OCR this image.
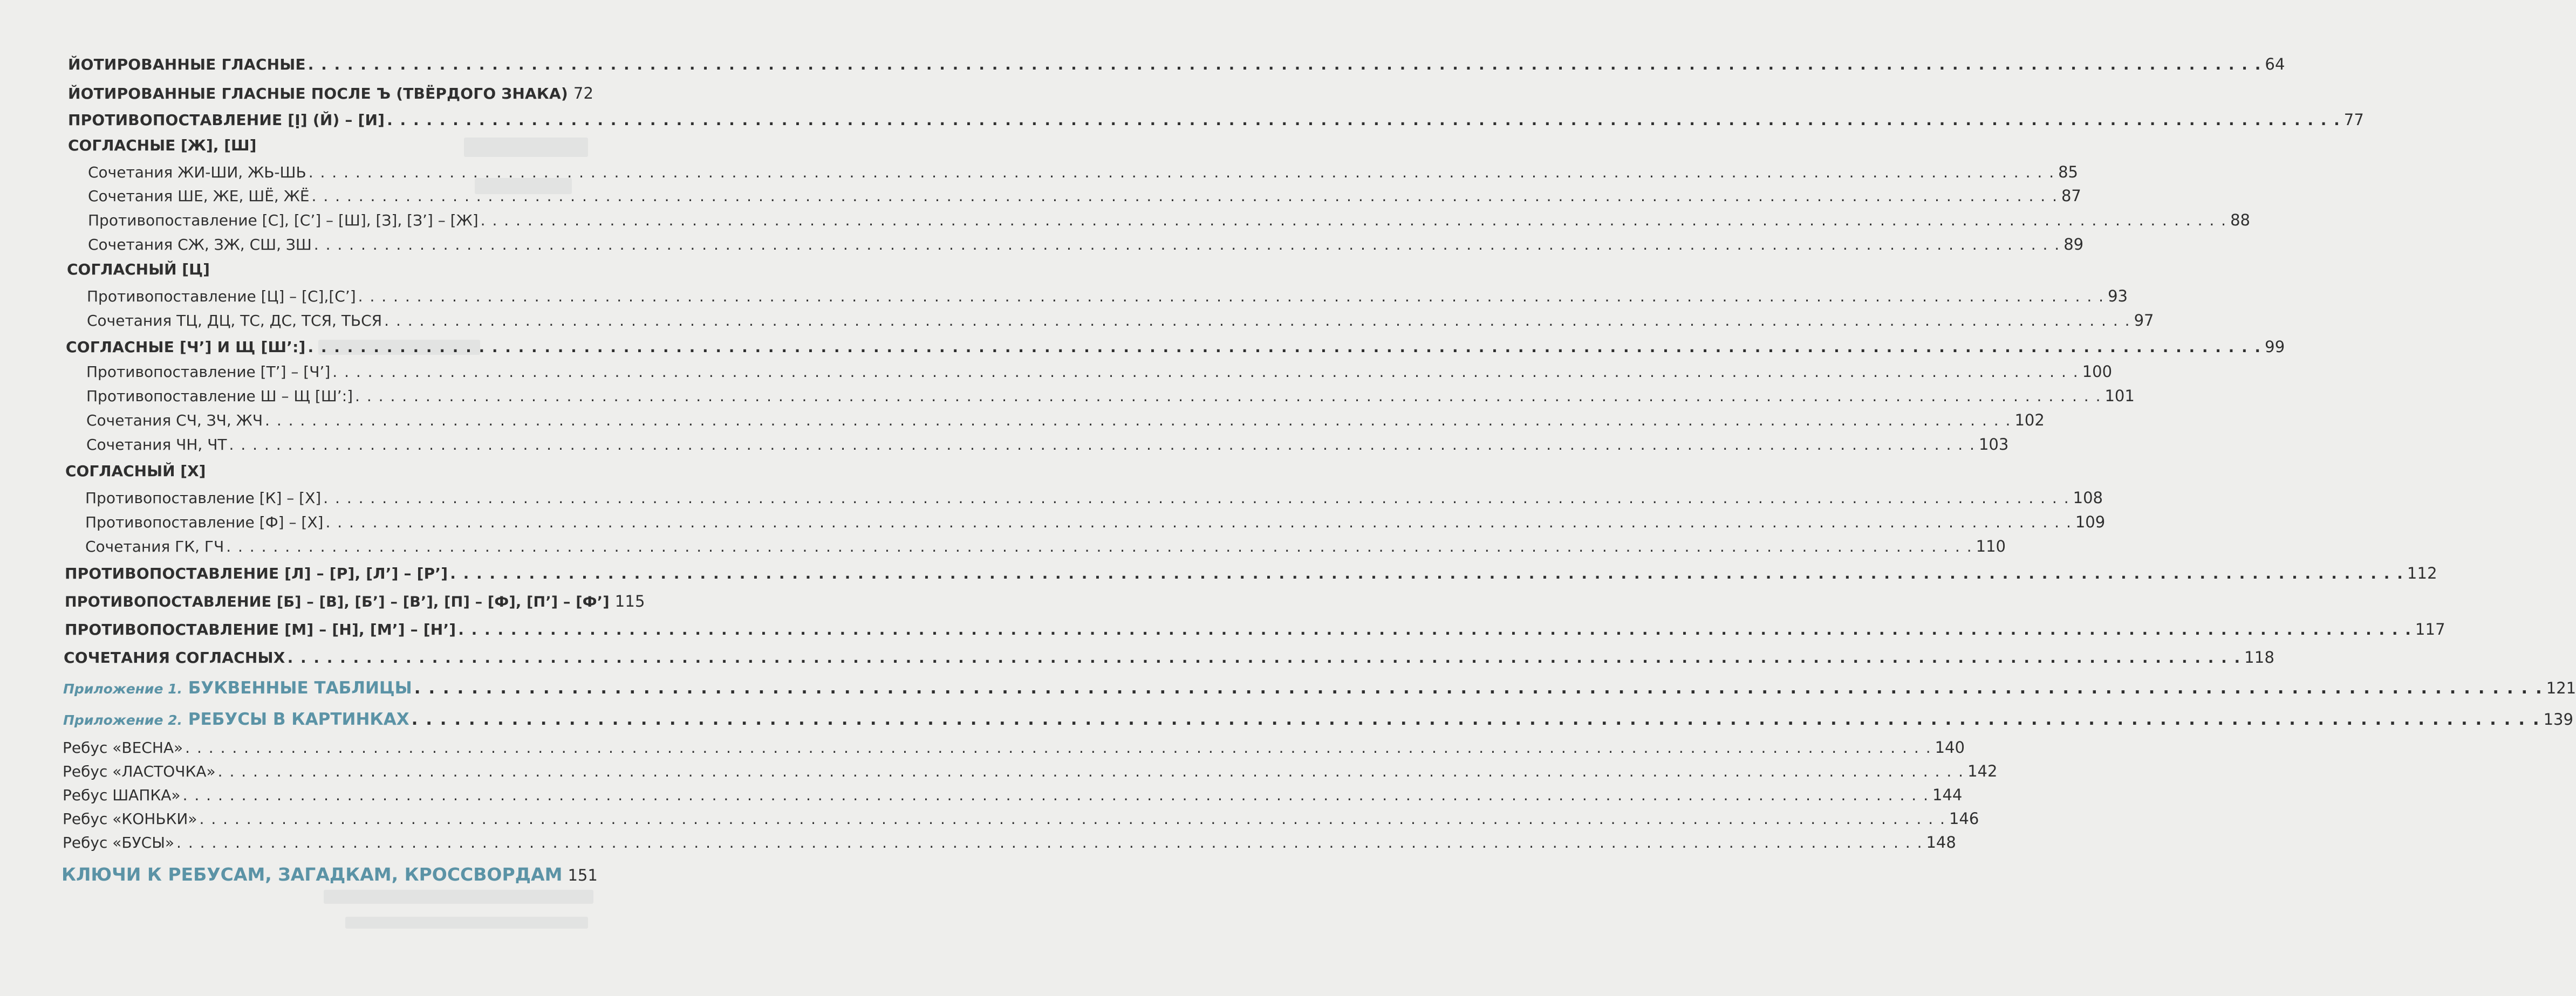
ЙОТИРОВАННЫЕ ГЛАСНЫЕ . . .	64
ЙОТИРОВАННЫЕ ГЛАСНЫЕ ПОСЛЕ Ъ (ТВЁРДОГО ЗНАКА) 72
ПРОТИВОПОСТАВЛЕНИЕ [Ị] (Й) – [И] . . .	77
СОГЛАСНЫЕ [Ж], [Ш]
Сочетания ЖИ-ШИ, ЖЬ-ШЬ . . .	85
Сочетания ШЕ, ЖЕ, ШЁ, ЖЁ . . .	87
Противопоставление [С], [С’] – [Ш], [З], [З’] – [Ж] . . .	88
Сочетания СЖ, ЗЖ, СШ, ЗШ . . .	89
СОГЛАСНЫЙ [Ц]
Противопоставление [Ц] – [С],[С’] . . .	93
Сочетания ТЦ, ДЦ, ТС, ДС, ТСЯ, ТЬСЯ . . .	97
СОГЛАСНЫЕ [Ч’] И Щ [Ш’:] . . .	99
Противопоставление [Т’] – [Ч’] . . .	100
Противопоставление Ш – Щ [Ш’:] . . .	101
Сочетания СЧ, ЗЧ, ЖЧ . . .	102
Сочетания ЧН, ЧТ . . .	103
СОГЛАСНЫЙ [Х]
Противопоставление [К] – [Х] . . .	108
Противопоставление [Ф] – [Х] . . .	109
Сочетания ГК, ГЧ . . .	110
ПРОТИВОПОСТАВЛЕНИЕ [Л] – [Р], [Л’] – [Р’] . . .	112
ПРОТИВОПОСТАВЛЕНИЕ [Б] – [В], [Б’] – [В’], [П] – [Ф], [П’] – [Ф’] 115
ПРОТИВОПОСТАВЛЕНИЕ [М] – [Н], [М’] – [Н’] . . .	117
СОЧЕТАНИЯ СОГЛАСНЫХ . . .	118
Приложение 1. БУКВЕННЫЕ ТАБЛИЦЫ . . .	121
Приложение 2. РЕБУСЫ В КАРТИНКАХ . . .	139
Ребус «ВЕСНА» . . .	140
Ребус «ЛАСТОЧКА» . . .	142
Ребус ШАПКА» . . .	144
Ребус «КОНЬКИ» . . .	146
Ребус «БУСЫ» . . .	148
КЛЮЧИ К РЕБУСАМ, ЗАГАДКАМ, КРОССВОРДАМ 151
